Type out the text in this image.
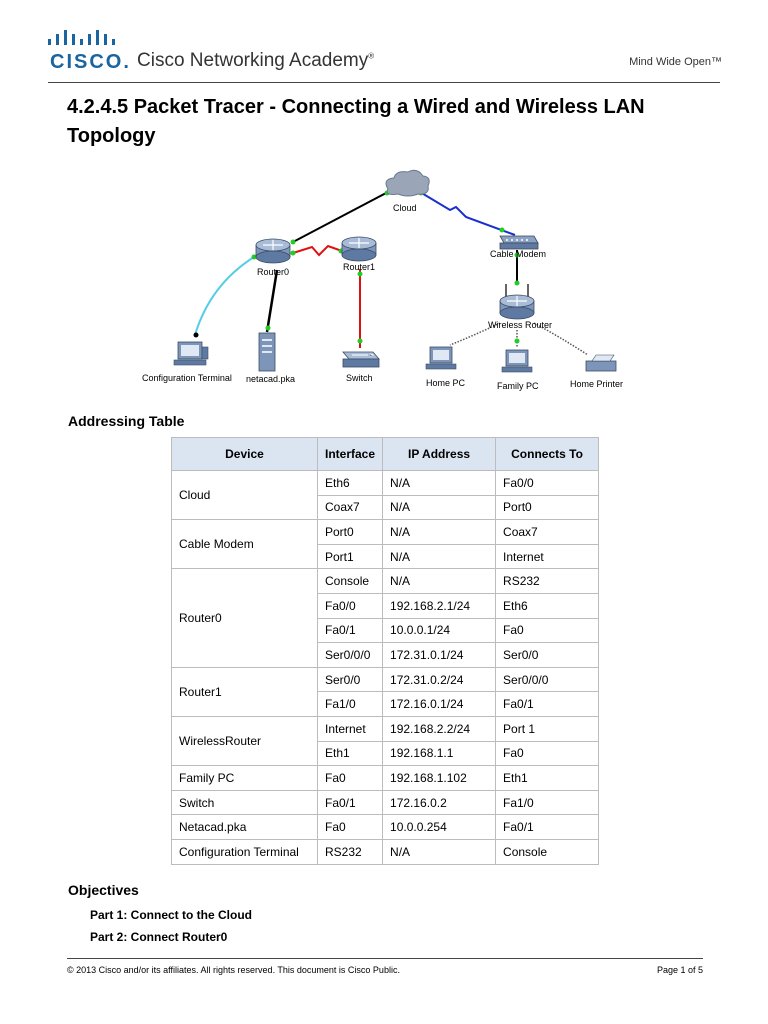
CISCO. Cisco Networking Academy®	Mind Wide Open™
4.2.4.5 Packet Tracer - Connecting a Wired and Wireless LAN Topology
Cloud
Cable Modem
Router0	Router1
Wireless Router
Configuration Terminal netacad.pka	Switch	Home PC	Family PC	Home Printer
Addressing Table
Device	Interface	IP Address	Connects To
Cloud	Eth6	N/A	Fa0/0
	Coax7	N/A	Port0
Cable Modem	Port0	N/A	Coax7
	Port1	N/A	Internet
Router0	Console	N/A	RS232
	Fa0/0	192.168.2.1/24	Eth6
	Fa0/1	10.0.0.1/24	Fa0
	Ser0/0/0	172.31.0.1/24	Ser0/0
Router1	Ser0/0	172.31.0.2/24	Ser0/0/0
	Fa1/0	172.16.0.1/24	Fa0/1
WirelessRouter	Internet	192.168.2.2/24	Port 1
	Eth1	192.168.1.1	Fa0
Family PC	Fa0	192.168.1.102	Eth1
Switch	Fa0/1	172.16.0.2	Fa1/0
Netacad.pka	Fa0	10.0.0.254	Fa0/1
Configuration Terminal	RS232	N/A	Console
Objectives

Part 1: Connect to the Cloud

Part 2: Connect Router0

© 2013 Cisco and/or its affiliates. All rights reserved. This document is Cisco Public.	Page 1 of 5
